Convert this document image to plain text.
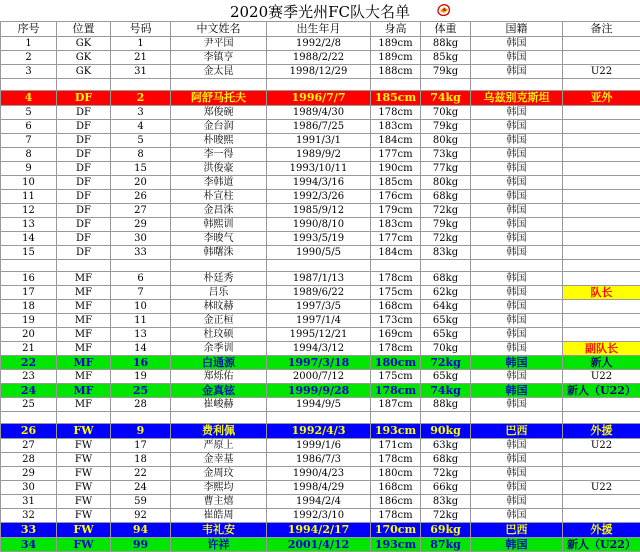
2020赛季光州FC队大名单
序号	位置	号码	中文姓名	出生年月	身高	体重	国籍	备注
1	GK	1	尹平国	1992/2/8	189cm	88kg	韩国	
2	GK	21	李镇亨	1988/2/22	189cm	85kg	韩国	
3	GK	31	金太昆	1998/12/29	188cm	79kg	韩国	U22

4	DF	2	阿舒马托夫	1996/7/7	185cm	74kg	乌兹别克斯坦	亚外
5	DF	3	郑俊碗	1989/4/30	178cm	70kg	韩国	
6	DF	4	金台润	1986/7/25	183cm	79kg	韩国	
7	DF	5	朴晙熙	1991/3/1	184cm	80kg	韩国	
8	DF	8	李一得	1989/9/2	177cm	73kg	韩国	
9	DF	15	洪俊豪	1993/10/11	190cm	77kg	韩国	
10	DF	20	李韩道	1994/3/16	185cm	80kg	韩国	
11	DF	26	朴宣柱	1992/3/26	176cm	68kg	韩国	
12	DF	27	金昌洙	1985/9/12	179cm	72kg	韩国	
13	DF	29	韩熙训	1990/8/10	183cm	79kg	韩国	
14	DF	30	李晙气	1993/5/19	177cm	72kg	韩国	
15	DF	33	韩曙洙	1990/5/5	184cm	83kg	韩国	

16	MF	6	朴廷秀	1987/1/13	178cm	68kg	韩国	
17	MF	7	吕乐	1989/6/22	175cm	62kg	韩国	队长
18	MF	10	林旼赫	1997/3/5	168cm	64kg	韩国	
19	MF	11	金正桓	1997/1/4	173cm	65kg	韩国	
20	MF	13	杜玟硕	1995/12/21	169cm	65kg	韩国	
21	MF	14	余季训	1994/3/12	178cm	70kg	韩国	副队长
22	MF	16	白通源	1997/3/18	180cm	72kg	韩国	新人
23	MF	19	郑烁佑	2000/7/12	175cm	65kg	韩国	U22
24	MF	25	金真铉	1999/9/28	178cm	74kg	韩国	新人（U22）
25	MF	28	崔峻赫	1994/9/5	187cm	88kg	韩国	

26	FW	9	费利佩	1992/4/3	193cm	90kg	巴西	外援
27	FW	17	严原上	1999/1/6	171cm	63kg	韩国	U22
28	FW	18	金幸基	1986/7/3	178cm	68kg	韩国	
29	FW	22	金周玟	1990/4/23	180cm	72kg	韩国	
30	FW	24	李熙均	1998/4/29	168cm	66kg	韩国	U22
31	FW	59	曹主熺	1994/2/4	186cm	83kg	韩国	
32	FW	92	崔皓周	1992/3/10	178cm	72kg	韩国	
33	FW	94	韦礼安	1994/2/17	170cm	69kg	巴西	外援
34	FW	99	许祥	2001/4/12	193cm	87kg	韩国	新人（U22）
